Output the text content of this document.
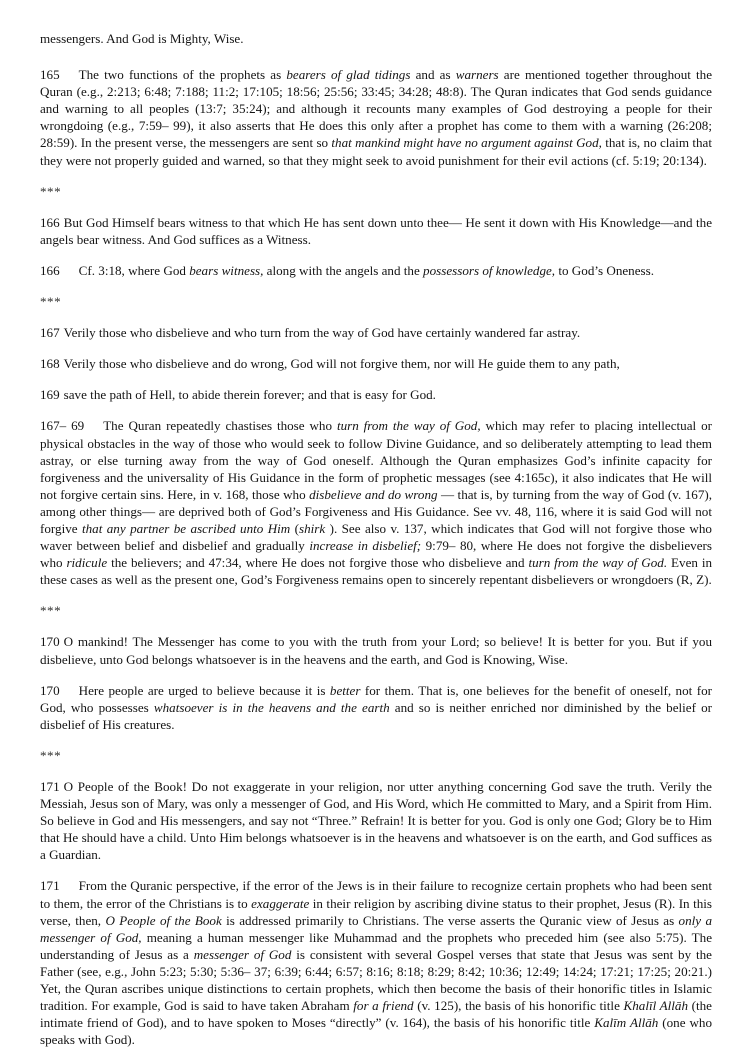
messengers. And God is Mighty, Wise.

165 The two functions of the prophets as bearers of glad tidings and as warners are mentioned together throughout the Quran (e.g., 2:213; 6:48; 7:188; 11:2; 17:105; 18:56; 25:56; 33:45; 34:28; 48:8). The Quran indicates that God sends guidance and warning to all peoples (13:7; 35:24); and although it recounts many examples of God destroying a people for their wrongdoing (e.g., 7:59– 99), it also asserts that He does this only after a prophet has come to them with a warning (26:208; 28:59). In the present verse, the messengers are sent so that mankind might have no argument against God, that is, no claim that they were not properly guided and warned, so that they might seek to avoid punishment for their evil actions (cf. 5:19; 20:134).

***

166 But God Himself bears witness to that which He has sent down unto thee— He sent it down with His Knowledge—and the angels bear witness. And God suffices as a Witness.

166 Cf. 3:18, where God bears witness, along with the angels and the possessors of knowledge, to God’s Oneness.

***

167 Verily those who disbelieve and who turn from the way of God have certainly wandered far astray.

168 Verily those who disbelieve and do wrong, God will not forgive them, nor will He guide them to any path,

169 save the path of Hell, to abide therein forever; and that is easy for God.

167– 69 The Quran repeatedly chastises those who turn from the way of God, which may refer to placing intellectual or physical obstacles in the way of those who would seek to follow Divine Guidance, and so deliberately attempting to lead them astray, or else turning away from the way of God oneself. Although the Quran emphasizes God’s infinite capacity for forgiveness and the universality of His Guidance in the form of prophetic messages (see 4:165c), it also indicates that He will not forgive certain sins. Here, in v. 168, those who disbelieve and do wrong — that is, by turning from the way of God (v. 167), among other things— are deprived both of God’s Forgiveness and His Guidance. See vv. 48, 116, where it is said God will not forgive that any partner be ascribed unto Him (shirk ). See also v. 137, which indicates that God will not forgive those who waver between belief and disbelief and gradually increase in disbelief; 9:79– 80, where He does not forgive the disbelievers who ridicule the believers; and 47:34, where He does not forgive those who disbelieve and turn from the way of God. Even in these cases as well as the present one, God’s Forgiveness remains open to sincerely repentant disbelievers or wrongdoers (R, Z).

***

170 O mankind! The Messenger has come to you with the truth from your Lord; so believe! It is better for you. But if you disbelieve, unto God belongs whatsoever is in the heavens and the earth, and God is Knowing, Wise.

170 Here people are urged to believe because it is better for them. That is, one believes for the benefit of oneself, not for God, who possesses whatsoever is in the heavens and the earth and so is neither enriched nor diminished by the belief or disbelief of His creatures.

***

171 O People of the Book! Do not exaggerate in your religion, nor utter anything concerning God save the truth. Verily the Messiah, Jesus son of Mary, was only a messenger of God, and His Word, which He committed to Mary, and a Spirit from Him. So believe in God and His messengers, and say not “Three.” Refrain! It is better for you. God is only one God; Glory be to Him that He should have a child. Unto Him belongs whatsoever is in the heavens and whatsoever is on the earth, and God suffices as a Guardian.

171 From the Quranic perspective, if the error of the Jews is in their failure to recognize certain prophets who had been sent to them, the error of the Christians is to exaggerate in their religion by ascribing divine status to their prophet, Jesus (R). In this verse, then, O People of the Book is addressed primarily to Christians. The verse asserts the Quranic view of Jesus as only a messenger of God, meaning a human messenger like Muhammad and the prophets who preceded him (see also 5:75). The understanding of Jesus as a messenger of God is consistent with several Gospel verses that state that Jesus was sent by the Father (see, e.g., John 5:23; 5:30; 5:36– 37; 6:39; 6:44; 6:57; 8:16; 8:18; 8:29; 8:42; 10:36; 12:49; 14:24; 17:21; 17:25; 20:21.) Yet, the Quran ascribes unique distinctions to certain prophets, which then become the basis of their honorific titles in Islamic tradition. For example, God is said to have taken Abraham for a friend (v. 125), the basis of his honorific title Khalīl Allāh (the intimate friend of God), and to have spoken to Moses “directly” (v. 164), the basis of his honorific title Kalīm Allāh (one who speaks with God).
